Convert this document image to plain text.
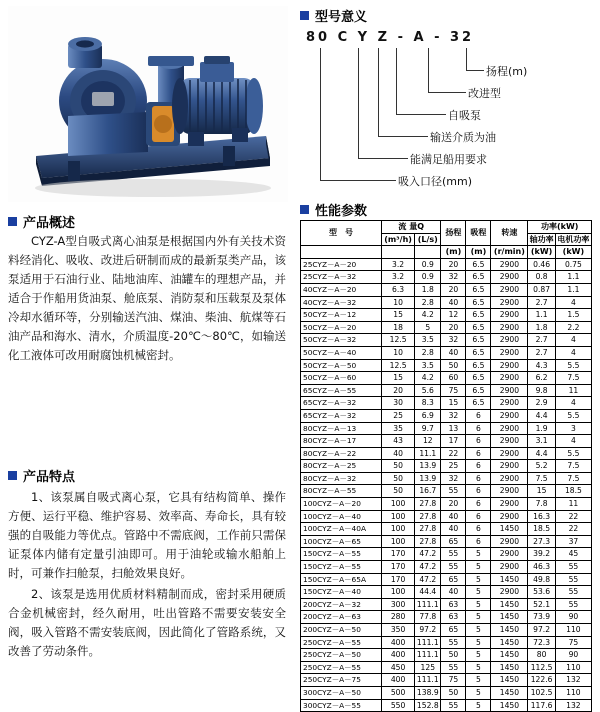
产品概述

CYZ-A型自吸式离心油泵是根据国内外有关技术资料经消化、吸收、改进后研制而成的最新泵类产品，该泵适用于石油行业、陆地油库、油罐车的理想产品，并适合于作船用货油泵、舱底泵、消防泵和压载泵及泵体冷却水循环等，分别输送汽油、煤油、柴油、航煤等石油产品和海水、清水，介质温度-20℃～80℃，如输送化工液体可改用耐腐蚀机械密封。

产品特点

1、该泵属自吸式离心泵，它具有结构简单、操作方便、运行平稳、维护容易、效率高、寿命长，具有较强的自吸能力等优点。管路中不需底阀，工作前只需保证泵体内储有定量引油即可。用于油轮或输水船舶上时，可兼作扫舱泵，扫舱效果良好。

2、该泵是选用优质材料精制而成，密封采用硬质合金机械密封，经久耐用，吐出管路不需要安装安全阀，吸入管路不需安装底阀，因此简化了管路系统，又改善了劳动条件。

型号意义
80 C Y Z - A - 32
扬程(m)
改进型
自吸泵
输送介质为油
能满足船用要求
吸入口径(mm)
性能参数
型　号	流 量Q		扬程	吸程	转速	功率(kW)	
	(m³/h)	(L/s)				轴功率	电机功率
			(m)	(m)	(r/min)	(kW)	(kW)
25CYZ－A－20	3.2	0.9	20	6.5	2900	0.46	0.75
25CYZ－A－32	3.2	0.9	32	6.5	2900	0.8	1.1
40CYZ－A－20	6.3	1.8	20	6.5	2900	0.87	1.1
40CYZ－A－32	10	2.8	40	6.5	2900	2.7	4
50CYZ－A－12	15	4.2	12	6.5	2900	1.1	1.5
50CYZ－A－20	18	5	20	6.5	2900	1.8	2.2
50CYZ－A－32	12.5	3.5	32	6.5	2900	2.7	4
50CYZ－A－40	10	2.8	40	6.5	2900	2.7	4
50CYZ－A－50	12.5	3.5	50	6.5	2900	4.3	5.5
50CYZ－A－60	15	4.2	60	6.5	2900	6.2	7.5
65CYZ－A－55	20	5.6	75	6.5	2900	9.8	11
65CYZ－A－32	30	8.3	15	6.5	2900	2.9	4
65CYZ－A－32	25	6.9	32	6	2900	4.4	5.5
80CYZ－A－13	35	9.7	13	6	2900	1.9	3
80CYZ－A－17	43	12	17	6	2900	3.1	4
80CYZ－A－22	40	11.1	22	6	2900	4.4	5.5
80CYZ－A－25	50	13.9	25	6	2900	5.2	7.5
80CYZ－A－32	50	13.9	32	6	2900	7.5	7.5
80CYZ－A－55	50	16.7	55	6	2900	15	18.5
100CYZ－A－20	100	27.8	20	6	2900	7.8	11
100CYZ－A－40	100	27.8	40	6	2900	16.3	22
100CYZ－A－40A	100	27.8	40	6	1450	18.5	22
100CYZ－A－65	100	27.8	65	6	2900	27.3	37
150CYZ－A－55	170	47.2	55	5	2900	39.2	45
150CYZ－A－55	170	47.2	55	5	2900	46.3	55
150CYZ－A－65A	170	47.2	65	5	1450	49.8	55
150CYZ－A－40	100	44.4	40	5	2900	53.6	55
200CYZ－A－32	300	111.1	63	5	1450	52.1	55
200CYZ－A－63	280	77.8	63	5	1450	73.9	90
200CYZ－A－50	350	97.2	65	5	1450	97.2	110
250CYZ－A－55	400	111.1	55	5	1450	72.3	75
250CYZ－A－50	400	111.1	50	5	1450	80	90
250CYZ－A－55	450	125	55	5	1450	112.5	110
250CYZ－A－75	400	111.1	75	5	1450	122.6	132
300CYZ－A－50	500	138.9	50	5	1450	102.5	110
300CYZ－A－55	550	152.8	55	5	1450	117.6	132
